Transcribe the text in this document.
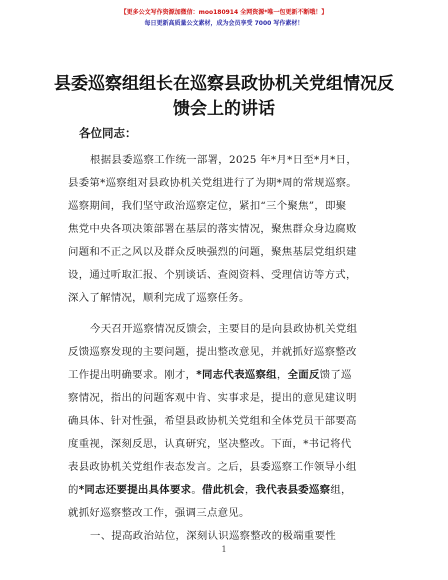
【更多公文写作资源加微信：moo180914 全网资源*唯一包更新不断哦！】
每日更新高质量公文素材，成为会员享受 7000 写作素材！
县委巡察组组长在巡察县政协机关党组情况反
馈会上的讲话
各位同志：
根据县委巡察工作统一部署，2025 年*月*日至*月*日，
县委第*巡察组对县政协机关党组进行了为期*周的常规巡察。
巡察期间，我们坚守政治巡察定位，紧扣“三个聚焦”，即聚
焦党中央各项决策部署在基层的落实情况，聚焦群众身边腐败
问题和不正之风以及群众反映强烈的问题，聚焦基层党组织建
设，通过听取汇报、个别谈话、查阅资料、受理信访等方式，
深入了解情况，顺利完成了巡察任务。
今天召开巡察情况反馈会，主要目的是向县政协机关党组
反馈巡察发现的主要问题，提出整改意见，并就抓好巡察整改
工作提出明确要求。刚才，*同志代表巡察组，全面反馈了巡
察情况，指出的问题客观中肯、实事求是，提出的意见建议明
确具体、针对性强，希望县政协机关党组和全体党员干部要高
度重视，深刻反思，认真研究，坚决整改。下面，*书记将代
表县政协机关党组作表态发言。之后，县委巡察工作领导小组
的*同志还要提出具体要求。借此机会，我代表县委巡察组，
就抓好巡察整改工作，强调三点意见。
一、提高政治站位，深刻认识巡察整改的极端重要性
1
